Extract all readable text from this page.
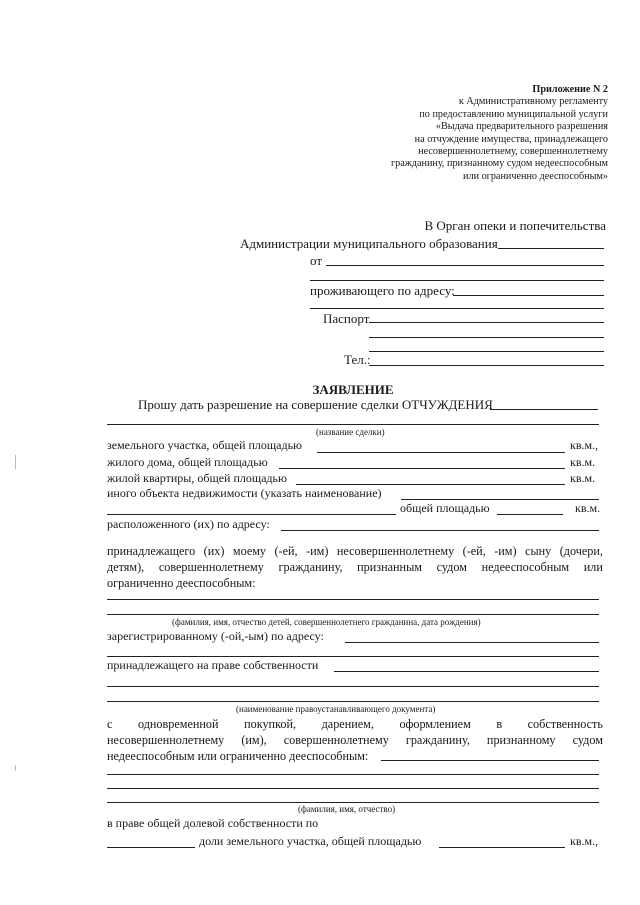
Приложение N 2
к Административному регламенту
по предоставлению муниципальной услуги
«Выдача предварительного разрешения
на отчуждение имущества, принадлежащего
несовершеннолетнему, совершеннолетнему
гражданину, признанному судом недееспособным
или ограниченно дееспособным»
В Орган опеки и попечительства
Администрации муниципального образования
от
проживающего по адресу:
Паспорт
Тел.:
ЗАЯВЛЕНИЕ
Прошу дать разрешение на совершение сделки ОТЧУЖДЕНИЯ
(название сделки)
земельного участка, общей площадью	кв.м.,
жилого дома, общей площадью	кв.м.
жилой квартиры, общей площадью	кв.м.
иного объекта недвижимости (указать наименование)
общей площадью	кв.м.
расположенного (их) по адресу:
принадлежащего (их) моему (-ей, -им) несовершеннолетнему (-ей, -им) сыну (дочери,
детям), совершеннолетнему гражданину, признанным судом недееспособным или
ограниченно дееспособным:
(фамилия, имя, отчество детей, совершеннолетнего гражданина, дата рождения)
зарегистрированному (-ой,-ым) по адресу:
принадлежащего на праве собственности
(наименование правоустанавливающего документа)
с одновременной покупкой, дарением, оформлением в собственность
несовершеннолетнему (им), совершеннолетнему гражданину, признанному судом
недееспособным или ограниченно дееспособным:
(фамилия, имя, отчество)
в праве общей долевой собственности по
доли земельного участка, общей площадью	кв.м.,
